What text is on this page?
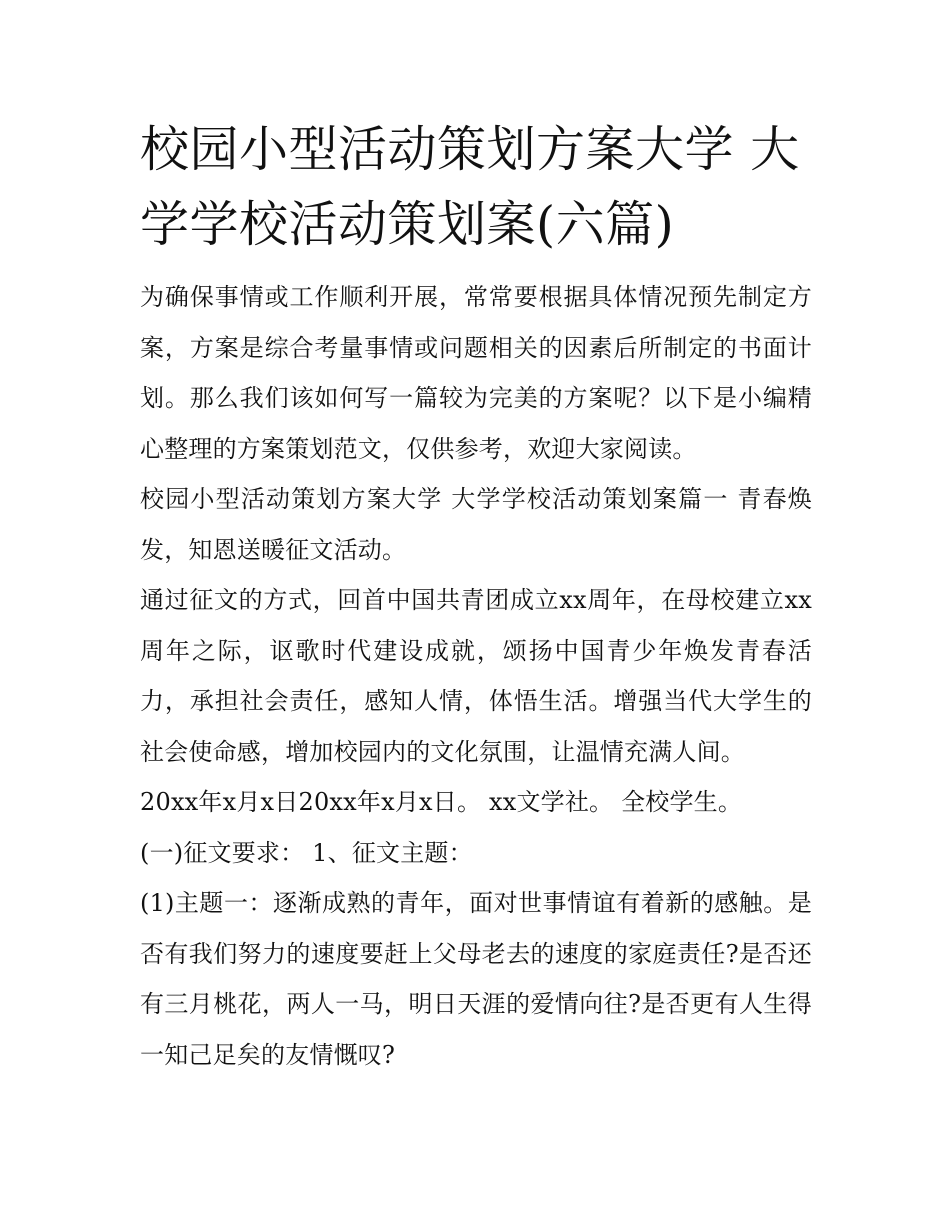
校园小型活动策划方案大学 大学学校活动策划案(六篇)

为确保事情或工作顺利开展，常常要根据具体情况预先制定方案，方案是综合考量事情或问题相关的因素后所制定的书面计划。那么我们该如何写一篇较为完美的方案呢？以下是小编精心整理的方案策划范文，仅供参考，欢迎大家阅读。

校园小型活动策划方案大学 大学学校活动策划案篇一 青春焕发，知恩送暖征文活动。

通过征文的方式，回首中国共青团成立xx周年，在母校建立xx周年之际，讴歌时代建设成就，颂扬中国青少年焕发青春活力，承担社会责任，感知人情，体悟生活。增强当代大学生的社会使命感，增加校园内的文化氛围，让温情充满人间。

20xx年x月x日20xx年x月x日。 xx文学社。 全校学生。

(一)征文要求： 1、征文主题：

(1)主题一：逐渐成熟的青年，面对世事情谊有着新的感触。是否有我们努力的速度要赶上父母老去的速度的家庭责任?是否还有三月桃花，两人一马，明日天涯的爱情向往?是否更有人生得一知己足矣的友情慨叹?
